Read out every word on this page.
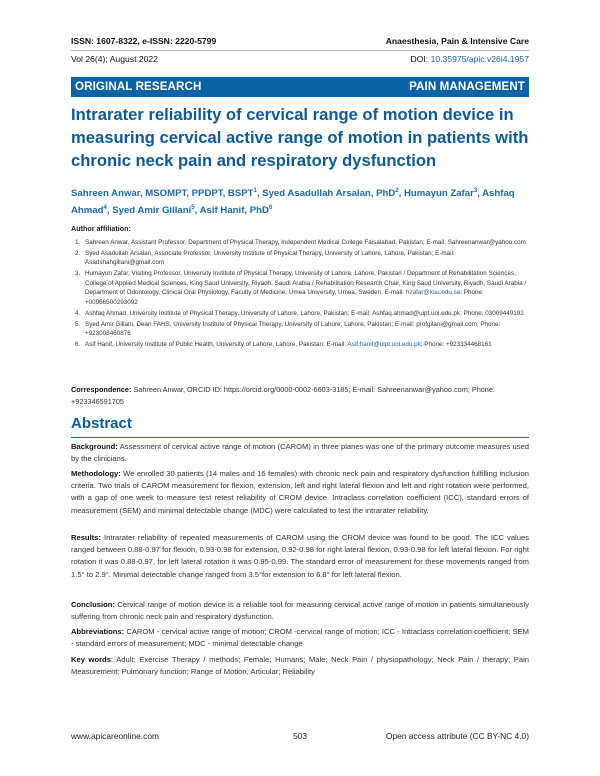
ISSN: 1607-8322, e-ISSN: 2220-5799	Anaesthesia, Pain & Intensive Care
Vol 26(4); August 2022	DOI: 10.35975/apic.v26i4.1957
ORIGINAL RESEARCH	PAIN MANAGEMENT
Intrarater reliability of cervical range of motion device in measuring cervical active range of motion in patients with chronic neck pain and respiratory dysfunction
Sahreen Anwar, MSOMPT, PPDPT, BSPT$^1$, Syed Asadullah Arsalan, PhD$^2$, Humayun Zafar$^3$, Ashfaq Ahmad$^4$, Syed Amir Gillani$^5$, Asif Hanif, PhD$^6$
Author affiliation:
1. Sahreen Anwar, Assistant Professor, Department of Physical Therapy, Independent Medical College Faisalabad, Pakistan; E-mail: Sahreenanwar@yahoo.com
2. Syed Asadullah Arsalan, Associate Professor, University Institute of Physical Therapy, University of Lahore, Lahore, Pakistan; E-mail: Asadshahgillani@gmail.com
3. Humayun Zafar, Visiting Professor, University Institute of Physical Therapy, University of Lahore, Lahore, Pakistan / Department of Rehabilitation Sciences, College of Applied Medical Sciences, King Saud University, Riyadh, Saudi Arabia / Rehabilitation Research Chair, King Saud University, Riyadh, Saudi Arabia / Department of Odontology, Clinical Oral Physiology, Faculty of Medicine, Umea University, Umea, Sweden. E-mail: hzafar@ksu.edu.sa; Phone: +00966500293092
4. Ashfaq Ahmad, University Institute of Physical Therapy, University of Lahore, Lahore, Pakistan; E-mail: Ashfaq.ahmad@uipt.uol.edu.pk; Phone: 03009449192
5. Syed Amir Gillani, Dean FAHS, University Institute of Physical Therapy, University of Lahore, Lahore, Pakistan; E-mail: profgilani@gmail.com; Phone: +923008460876
6. Asif Hanif, University Institute of Public Health, University of Lahore, Lahore, Pakistan; E-mail: Asif.hanif@uipt.uol.edu.pk; Phone: +923334468161
Correspondence: Sahreen Anwar, ORCID ID: https://orcid.org/0000-0002-6603-3185; E-mail: Sahreenanwar@yahoo.com; Phone: +923346591705
Abstract

Background: Assessment of cervical active range of motion (CAROM) in three planes was one of the primary outcome measures used by the clinicians.

Methodology: We enrolled 30 patients (14 males and 16 females) with chronic neck pain and respiratory dysfunction fulfilling inclusion criteria. Two trials of CAROM measurement for flexion, extension, left and right lateral flexion and left and right rotation were performed, with a gap of one week to measure test retest reliability of CROM device. Intraclass correlation coefficient (ICC), standard errors of measurement (SEM) and minimal detectable change (MDC) were calculated to test the intrarater reliability.

Results: Intrarater reliability of repeated measurements of CAROM using the CROM device was found to be good. The ICC values ranged between 0.88-0.97 for flexion, 0.93-0.98 for extension, 0.92-0.98 for right lateral flexion, 0.93-0.98 for left lateral flexion. For right rotation it was 0.88-0.97, for left lateral rotation it was 0.95-0.99. The standard error of measurement for these movements ranged from 1.5° to 2.9°. Minimal detectable change ranged from 3.5°for extension to 6.8° for left lateral flexion.

Conclusion: Cervical range of motion device is a reliable tool for measuring cervical active range of motion in patients simultaneously suffering from chronic neck pain and respiratory dysfunction.

Abbreviations: CAROM - cervical active range of motion; CROM -cervical range of motion; ICC - Intraclass correlation coefficient; SEM - standard errors of measurement; MDC - minimal detectable change

Key words: Adult; Exercise Therapy / methods; Female; Humans; Male; Neck Pain / physiopathology; Neck Pain / therapy; Pain Measurement; Pulmonary function; Range of Motion, Articular; Reliability

www.apicareonline.com	503	Open access attribute (CC BY-NC 4.0)
